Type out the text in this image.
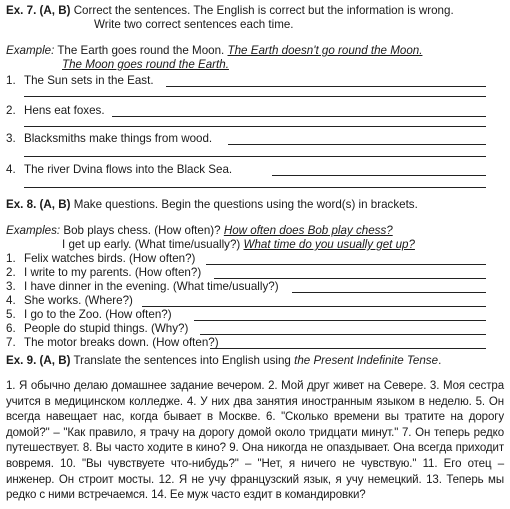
Ex. 7. (A, B) Correct the sentences. The English is correct but the information is wrong.
Write two correct sentences each time.
Example: The Earth goes round the Moon. The Earth doesn't go round the Moon.
The Moon goes round the Earth.
1. The Sun sets in the East.
2. Hens eat foxes.
3. Blacksmiths make things from wood.
4. The river Dvina flows into the Black Sea.
Ex. 8. (A, B) Make questions. Begin the questions using the word(s) in brackets.
Examples: Bob plays chess. (How often)? How often does Bob play chess?
I get up early. (What time/usually?) What time do you usually get up?
1. Felix watches birds. (How often?)
2. I write to my parents. (How often?)
3. I have dinner in the evening. (What time/usually?)
4. She works. (Where?)
5. I go to the Zoo. (How often?)
6. People do stupid things. (Why?)
7. The motor breaks down. (How often?)
Ex. 9. (A, B) Translate the sentences into English using the Present Indefinite Tense.
1. Я обычно делаю домашнее задание вечером. 2. Мой друг живет на Севере. 3. Моя сестра учится в медицинском колледже. 4. У них два занятия иностранным языком в неделю. 5. Он всегда навещает нас, когда бывает в Москве. 6. "Сколько времени вы тратите на дорогу домой?" – "Как правило, я трачу на дорогу домой около тридцати минут." 7. Он теперь редко путешествует. 8. Вы часто ходите в кино? 9. Она никогда не опаздывает. Она всегда приходит вовремя. 10. "Вы чувствуете что-нибудь?" – "Нет, я ничего не чувствую." 11. Его отец – инженер. Он строит мосты. 12. Я не учу французский язык, я учу немецкий. 13. Теперь мы редко с ними встречаемся. 14. Ее муж часто ездит в командировки?
